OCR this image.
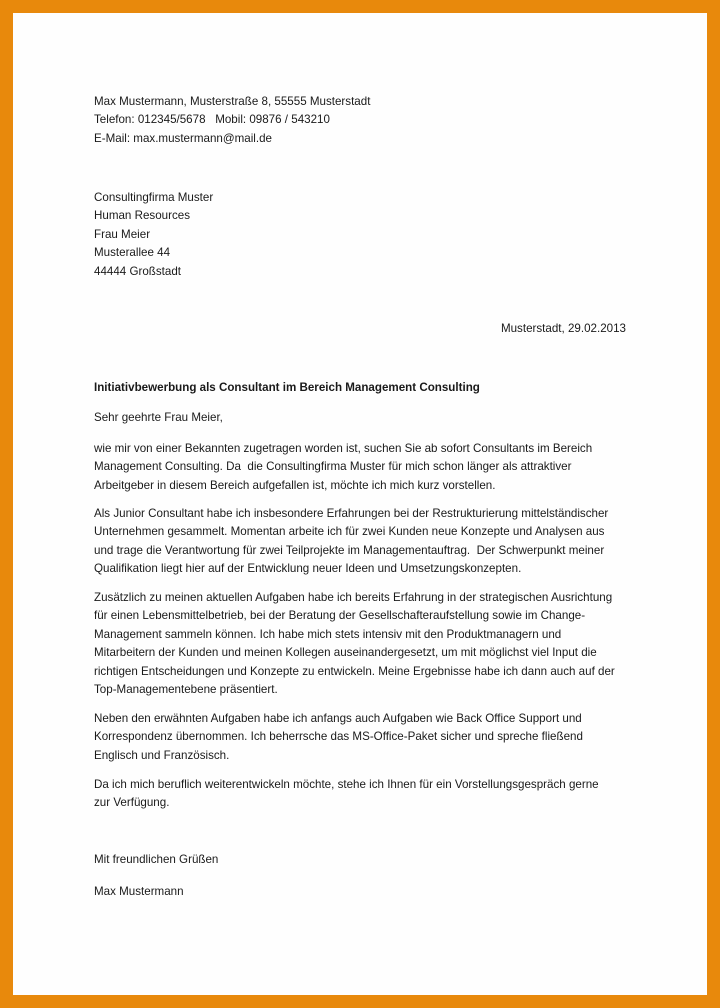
Max Mustermann, Musterstraße 8, 55555 Musterstadt
Telefon: 012345/5678   Mobil: 09876 / 543210
E-Mail: max.mustermann@mail.de
Consultingfirma Muster
Human Resources
Frau Meier
Musterallee 44
44444 Großstadt
Musterstadt, 29.02.2013
Initiativbewerbung als Consultant im Bereich Management Consulting
Sehr geehrte Frau Meier,
wie mir von einer Bekannten zugetragen worden ist, suchen Sie ab sofort Consultants im Bereich
Management Consulting. Da  die Consultingfirma Muster für mich schon länger als attraktiver
Arbeitgeber in diesem Bereich aufgefallen ist, möchte ich mich kurz vorstellen.
Als Junior Consultant habe ich insbesondere Erfahrungen bei der Restrukturierung mittelständischer
Unternehmen gesammelt. Momentan arbeite ich für zwei Kunden neue Konzepte und Analysen aus
und trage die Verantwortung für zwei Teilprojekte im Managementauftrag.  Der Schwerpunkt meiner
Qualifikation liegt hier auf der Entwicklung neuer Ideen und Umsetzungskonzepten.
Zusätzlich zu meinen aktuellen Aufgaben habe ich bereits Erfahrung in der strategischen Ausrichtung
für einen Lebensmittelbetrieb, bei der Beratung der Gesellschafteraufstellung sowie im Change-
Management sammeln können. Ich habe mich stets intensiv mit den Produktmanagern und
Mitarbeitern der Kunden und meinen Kollegen auseinandergesetzt, um mit möglichst viel Input die
richtigen Entscheidungen und Konzepte zu entwickeln. Meine Ergebnisse habe ich dann auch auf der
Top-Managementebene präsentiert.
Neben den erwähnten Aufgaben habe ich anfangs auch Aufgaben wie Back Office Support und
Korrespondenz übernommen. Ich beherrsche das MS-Office-Paket sicher und spreche fließend
Englisch und Französisch.
Da ich mich beruflich weiterentwickeln möchte, stehe ich Ihnen für ein Vorstellungsgespräch gerne
zur Verfügung.
Mit freundlichen Grüßen
Max Mustermann
